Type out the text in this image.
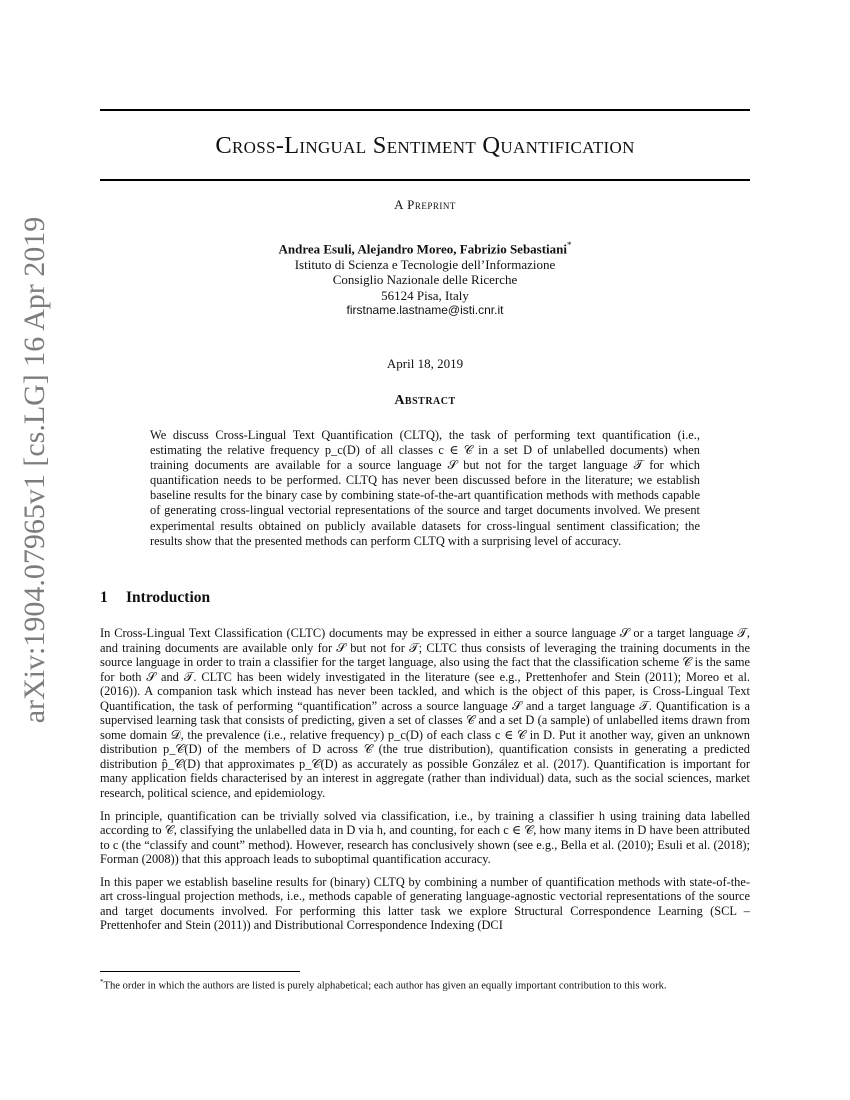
arXiv:1904.07965v1 [cs.LG] 16 Apr 2019
Cross-Lingual Sentiment Quantification
A Preprint
Andrea Esuli, Alejandro Moreo, Fabrizio Sebastiani*
Istituto di Scienza e Tecnologie dell’Informazione
Consiglio Nazionale delle Ricerche
56124 Pisa, Italy
firstname.lastname@isti.cnr.it
April 18, 2019
Abstract

We discuss Cross-Lingual Text Quantification (CLTQ), the task of performing text quantification (i.e., estimating the relative frequency p_c(D) of all classes c ∈ 𝒞 in a set D of unlabelled documents) when training documents are available for a source language 𝒮 but not for the target language 𝒯 for which quantification needs to be performed. CLTQ has never been discussed before in the literature; we establish baseline results for the binary case by combining state-of-the-art quantification methods with methods capable of generating cross-lingual vectorial representations of the source and target documents involved. We present experimental results obtained on publicly available datasets for cross-lingual sentiment classification; the results show that the presented methods can perform CLTQ with a surprising level of accuracy.

1 Introduction

In Cross-Lingual Text Classification (CLTC) documents may be expressed in either a source language 𝒮 or a target language 𝒯, and training documents are available only for 𝒮 but not for 𝒯; CLTC thus consists of leveraging the training documents in the source language in order to train a classifier for the target language, also using the fact that the classification scheme 𝒞 is the same for both 𝒮 and 𝒯. CLTC has been widely investigated in the literature (see e.g., Prettenhofer and Stein (2011); Moreo et al. (2016)). A companion task which instead has never been tackled, and which is the object of this paper, is Cross-Lingual Text Quantification, the task of performing “quantification” across a source language 𝒮 and a target language 𝒯. Quantification is a supervised learning task that consists of predicting, given a set of classes 𝒞 and a set D (a sample) of unlabelled items drawn from some domain 𝒟, the prevalence (i.e., relative frequency) p_c(D) of each class c ∈ 𝒞 in D. Put it another way, given an unknown distribution p_𝒞(D) of the members of D across 𝒞 (the true distribution), quantification consists in generating a predicted distribution p̂_𝒞(D) that approximates p_𝒞(D) as accurately as possible González et al. (2017). Quantification is important for many application fields characterised by an interest in aggregate (rather than individual) data, such as the social sciences, market research, political science, and epidemiology.

In principle, quantification can be trivially solved via classification, i.e., by training a classifier h using training data labelled according to 𝒞, classifying the unlabelled data in D via h, and counting, for each c ∈ 𝒞, how many items in D have been attributed to c (the “classify and count” method). However, research has conclusively shown (see e.g., Bella et al. (2010); Esuli et al. (2018); Forman (2008)) that this approach leads to suboptimal quantification accuracy.

In this paper we establish baseline results for (binary) CLTQ by combining a number of quantification methods with state-of-the-art cross-lingual projection methods, i.e., methods capable of generating language-agnostic vectorial representations of the source and target documents involved. For performing this latter task we explore Structural Correspondence Learning (SCL – Prettenhofer and Stein (2011)) and Distributional Correspondence Indexing (DCI

*The order in which the authors are listed is purely alphabetical; each author has given an equally important contribution to this work.
